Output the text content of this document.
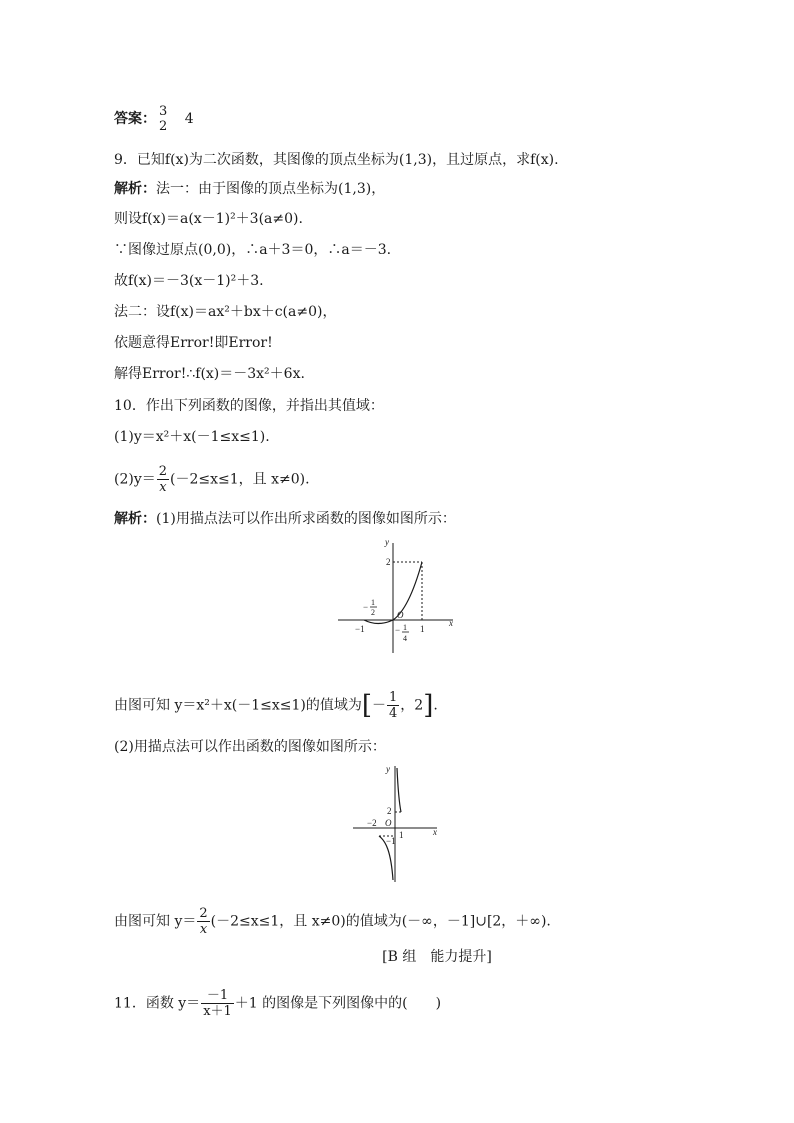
答案： 3
2 4
9．已知f(x)为二次函数，其图像的顶点坐标为(1,3)，且过原点，求f(x).
解析：法一：由于图像的顶点坐标为(1,3)，
则设f(x)＝a(x－1)²＋3(a≠0).
∵图像过原点(0,0)，∴a＋3＝0，∴a＝－3.
故f(x)＝－3(x－1)²＋3.
法二：设f(x)＝ax²＋bx＋c(a≠0)，
依题意得Error!即Error!
解得Error!∴f(x)＝－3x²＋6x.
10．作出下列函数的图像，并指出其值域：
(1)y＝x²＋x(－1≤x≤1).
$(2)y= \frac{2}{x} (-2\le x\le 1$，且 x≠0).
解析：(1)用描点法可以作出所求函数的图像如图所示：
y
x
2
O
−1	1
− 1
2
− 1
4
由图可知 y＝x²＋x(－1≤x≤1)的值域为[－ $\frac{1}{4}$ ，2].
(2)用描点法可以作出函数的图像如图所示：
y
x
O
−2
2
1
−1
由图可知 $y= \frac{2}{x} (-2\le x\le 1$，且 x≠0)的值域为(－∞，－1]∪[2，＋∞).
[B 组　能力提升]
11．函数 $y= \frac{-1}{x+1} +1$ 的图像是下列图像中的(　　)
